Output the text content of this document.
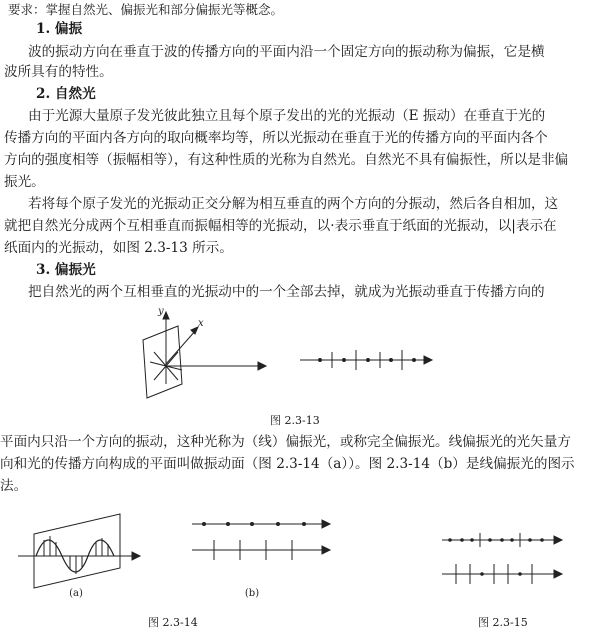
要求：掌握自然光、偏振光和部分偏振光等概念。
1. 偏振
波的振动方向在垂直于波的传播方向的平面内沿一个固定方向的振动称为偏振，它是横
波所具有的特性。
2. 自然光
由于光源大量原子发光彼此独立且每个原子发出的光的光振动（E 振动）在垂直于光的
传播方向的平面内各方向的取向概率均等，所以光振动在垂直于光的传播方向的平面内各个
方向的强度相等（振幅相等），有这种性质的光称为自然光。自然光不具有偏振性，所以是非偏
振光。
若将每个原子发光的光振动正交分解为相互垂直的两个方向的分振动，然后各自相加，这
就把自然光分成两个互相垂直而振幅相等的光振动，以·表示垂直于纸面的光振动，以|表示在
纸面内的光振动，如图 2.3-13 所示。
3. 偏振光
把自然光的两个互相垂直的光振动中的一个全部去掉，就成为光振动垂直于传播方向的
y
x
图 2.3-13
平面内只沿一个方向的振动，这种光称为（线）偏振光，或称完全偏振光。线偏振光的光矢量方
向和光的传播方向构成的平面叫做振动面（图 2.3-14（a））。图 2.3-14（b）是线偏振光的图示
法。
(a)	(b)
图 2.3-14	图 2.3-15
